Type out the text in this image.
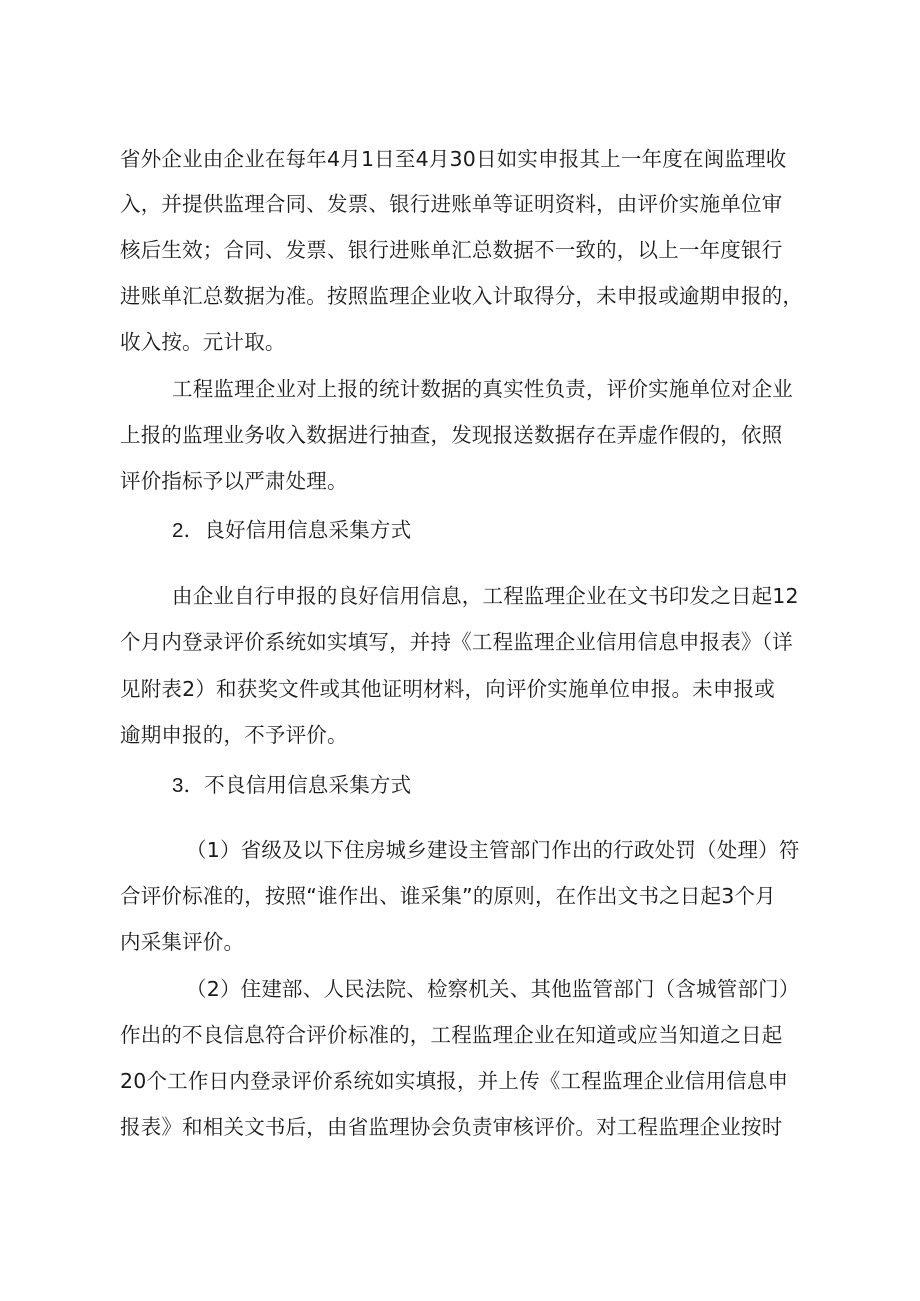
省外企业由企业在每年4月1日至4月30日如实申报其上一年度在闽监理收
入，并提供监理合同、发票、银行进账单等证明资料，由评价实施单位审
核后生效；合同、发票、银行进账单汇总数据不一致的，以上一年度银行
进账单汇总数据为准。按照监理企业收入计取得分，未申报或逾期申报的，
收入按。元计取。
工程监理企业对上报的统计数据的真实性负责，评价实施单位对企业
上报的监理业务收入数据进行抽查，发现报送数据存在弄虚作假的，依照
评价指标予以严肃处理。
2．良好信用信息采集方式
由企业自行申报的良好信用信息，工程监理企业在文书印发之日起12
个月内登录评价系统如实填写，并持《工程监理企业信用信息申报表》（详
见附表2）和获奖文件或其他证明材料，向评价实施单位申报。未申报或
逾期申报的，不予评价。
3．不良信用信息采集方式
（1）省级及以下住房城乡建设主管部门作出的行政处罚（处理）符
合评价标准的，按照“谁作出、谁采集”的原则，在作出文书之日起3个月
内采集评价。
（2）住建部、人民法院、检察机关、其他监管部门（含城管部门）
作出的不良信息符合评价标准的，工程监理企业在知道或应当知道之日起
20个工作日内登录评价系统如实填报，并上传《工程监理企业信用信息申
报表》和相关文书后，由省监理协会负责审核评价。对工程监理企业按时
